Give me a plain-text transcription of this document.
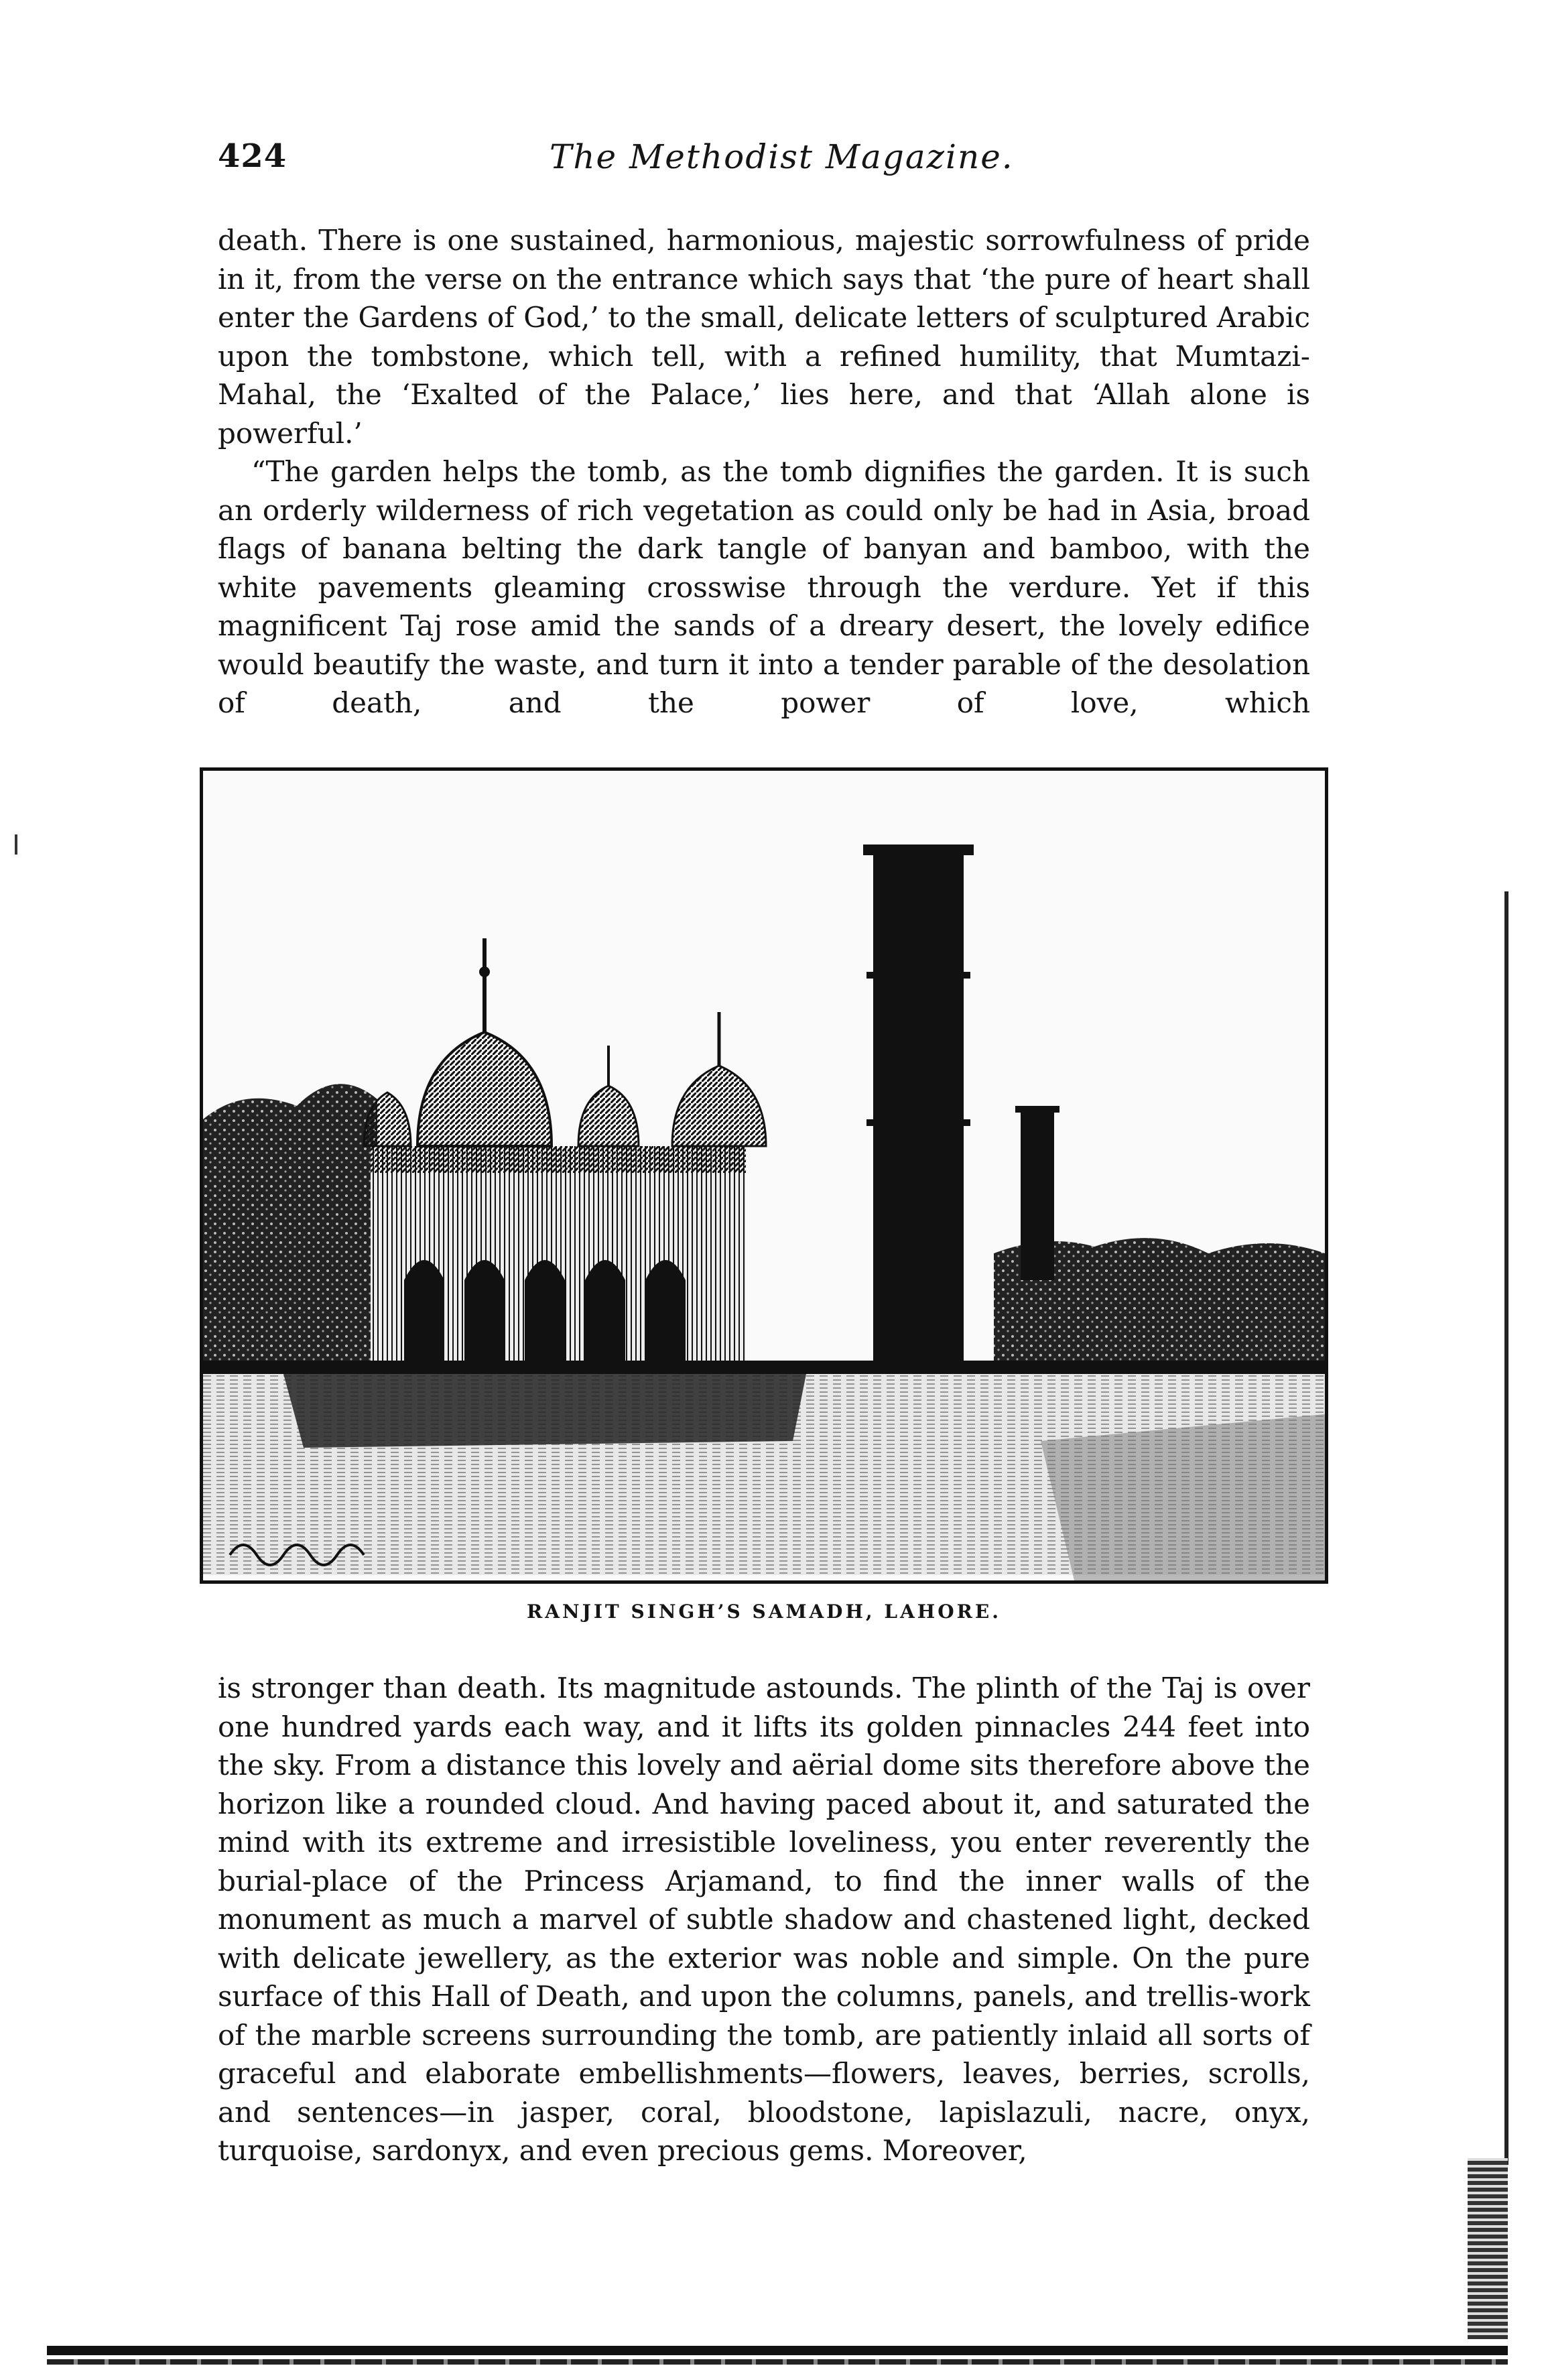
424	The Methodist Magazine.

death. There is one sustained, harmonious, majestic sorrowfulness of pride in it, from the verse on the entrance which says that ‘the pure of heart shall enter the Gardens of God,’ to the small, delicate letters of sculptured Arabic upon the tombstone, which tell, with a refined humility, that Mumtazi-Mahal, the ‘Exalted of the Palace,’ lies here, and that ‘Allah alone is powerful.’

“The garden helps the tomb, as the tomb dignifies the garden. It is such an orderly wilderness of rich vegetation as could only be had in Asia, broad flags of banana belting the dark tangle of banyan and bamboo, with the white pavements gleaming crosswise through the verdure. Yet if this magnificent Taj rose amid the sands of a dreary desert, the lovely edifice would beautify the waste, and turn it into a tender parable of the desolation of death, and the power of love, which

RANJIT SINGH’S SAMADH, LAHORE.

is stronger than death. Its magnitude astounds. The plinth of the Taj is over one hundred yards each way, and it lifts its golden pinnacles 244 feet into the sky. From a distance this lovely and aërial dome sits therefore above the horizon like a rounded cloud. And having paced about it, and saturated the mind with its extreme and irresistible loveliness, you enter reverently the burial-place of the Princess Arjamand, to find the inner walls of the monument as much a marvel of subtle shadow and chastened light, decked with delicate jewellery, as the exterior was noble and simple. On the pure surface of this Hall of Death, and upon the columns, panels, and trellis-work of the marble screens surrounding the tomb, are patiently inlaid all sorts of graceful and elaborate embellishments—flowers, leaves, berries, scrolls, and sentences—in jasper, coral, bloodstone, lapislazuli, nacre, onyx, turquoise, sardonyx, and even precious gems. Moreover,
